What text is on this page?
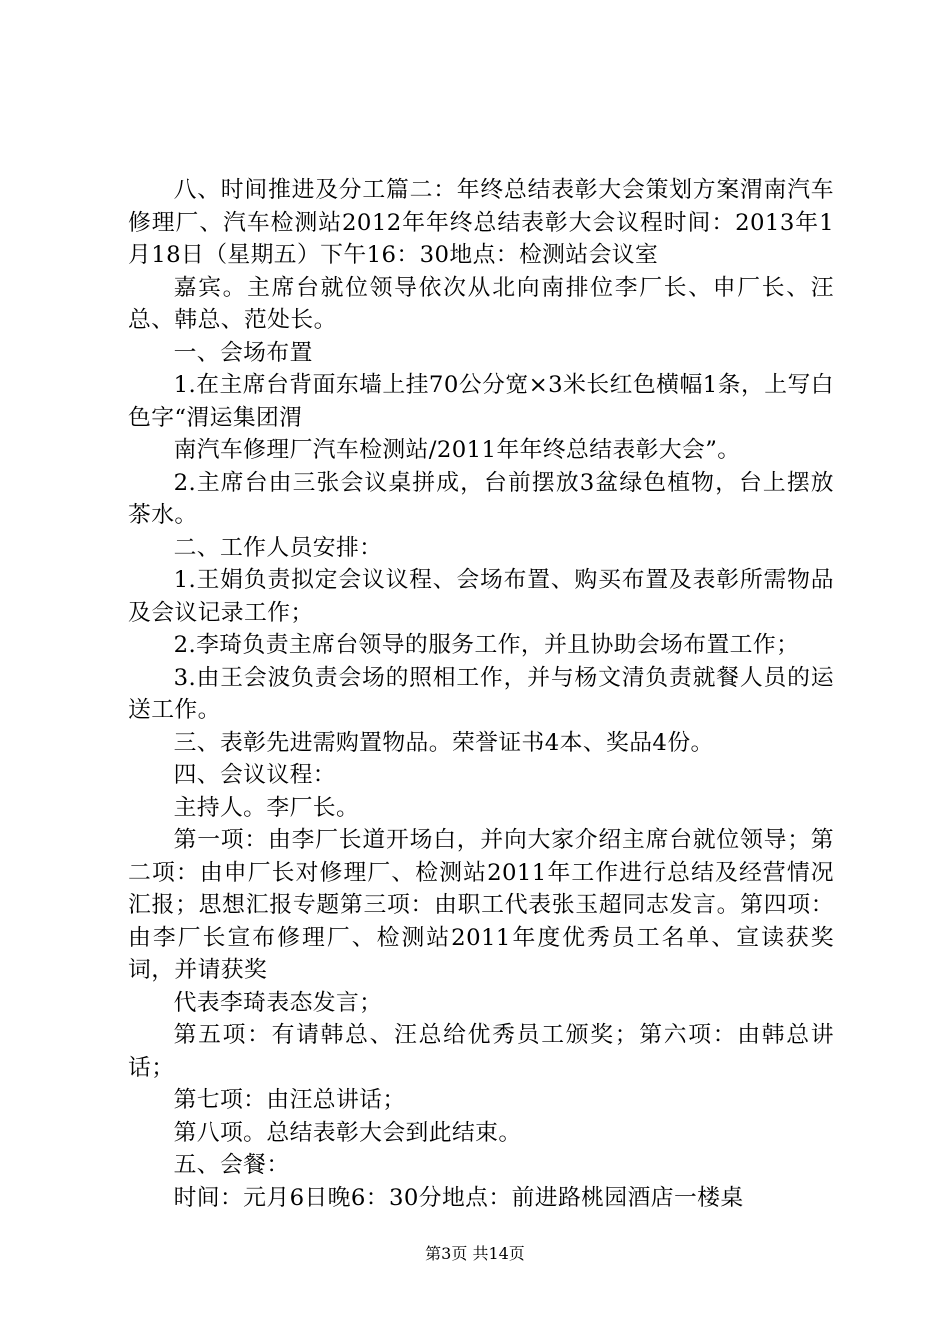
八、时间推进及分工篇二：年终总结表彰大会策划方案渭南汽车修理厂、汽车检测站2012年年终总结表彰大会议程时间：2013年1月18日（星期五）下午16：30地点：检测站会议室

嘉宾。主席台就位领导依次从北向南排位李厂长、申厂长、汪总、韩总、范处长。

一、会场布置

1.在主席台背面东墙上挂70公分宽×3米长红色横幅1条，上写白色字“渭运集团渭

南汽车修理厂汽车检测站/2011年年终总结表彰大会”。

2.主席台由三张会议桌拼成，台前摆放3盆绿色植物，台上摆放茶水。

二、工作人员安排：

1.王娟负责拟定会议议程、会场布置、购买布置及表彰所需物品及会议记录工作；

2.李琦负责主席台领导的服务工作，并且协助会场布置工作；

3.由王会波负责会场的照相工作，并与杨文清负责就餐人员的运送工作。

三、表彰先进需购置物品。荣誉证书4本、奖品4份。

四、会议议程：

主持人。李厂长。

第一项：由李厂长道开场白，并向大家介绍主席台就位领导；第二项：由申厂长对修理厂、检测站2011年工作进行总结及经营情况汇报；思想汇报专题第三项：由职工代表张玉超同志发言。第四项：由李厂长宣布修理厂、检测站2011年度优秀员工名单、宣读获奖词，并请获奖

代表李琦表态发言；

第五项：有请韩总、汪总给优秀员工颁奖；第六项：由韩总讲话；

第七项：由汪总讲话；

第八项。总结表彰大会到此结束。

五、会餐：

时间：元月6日晚6：30分地点：前进路桃园酒店一楼桌

第3页 共14页
